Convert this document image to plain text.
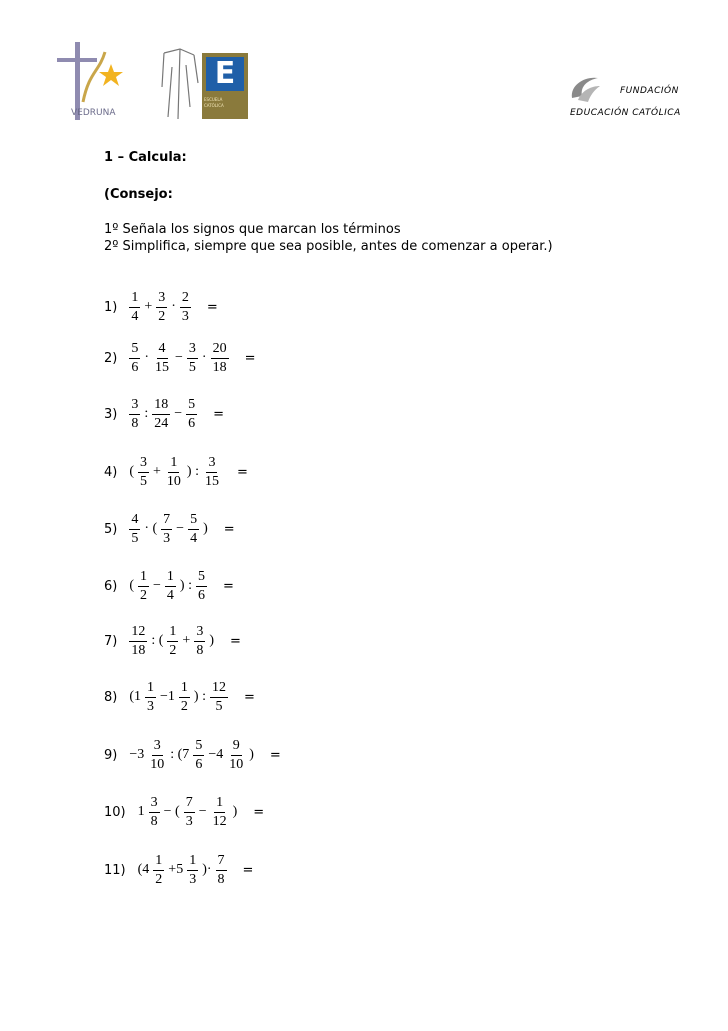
VEDRUNA
E
ESCUELA
CATÓLICA
FUNDACIÓN
EDUCACIÓN CATÓLICA

1 – Calcula:

(Consejo:

1º Señala los signos que marcan los términos
2º Simplifica, siempre que sea posible, antes de comenzar a operar.)
$1) \frac{1}{4} + \frac{3}{2} \cdot \frac{2}{3}$ =
$2) \frac{5}{6} \cdot \frac{4}{15} - \frac{3}{5} \cdot \frac{20}{18}$ =
$3) \frac{3}{8}$ : $\frac{18}{24} - \frac{5}{6}$ =
4) ( $\frac{3}{5} + \frac{1}{10}$ ) : $\frac{3}{15}$ =
$5) \frac{4}{5}$ · ( $\frac{7}{3} - \frac{5}{4}$ ) =
6) ( $\frac{1}{2} - \frac{1}{4}$ ) : $\frac{5}{6}$ =
$7) \frac{12}{18}$ : ( $\frac{1}{2} + \frac{3}{8}$ ) =
8) ($1 \frac{1}{3} -1 \frac{1}{2}$ ) : $\frac{12}{5}$ =
$9) -3 \frac{3}{10}$ : ($7 \frac{5}{6} -4 \frac{9}{10}$ ) =
10) $1 \frac{3}{8}$ − ( $\frac{7}{3} - \frac{1}{12}$ ) =
11) ($4 \frac{1}{2} +5 \frac{1}{3}$ )· $\frac{7}{8}$ =
